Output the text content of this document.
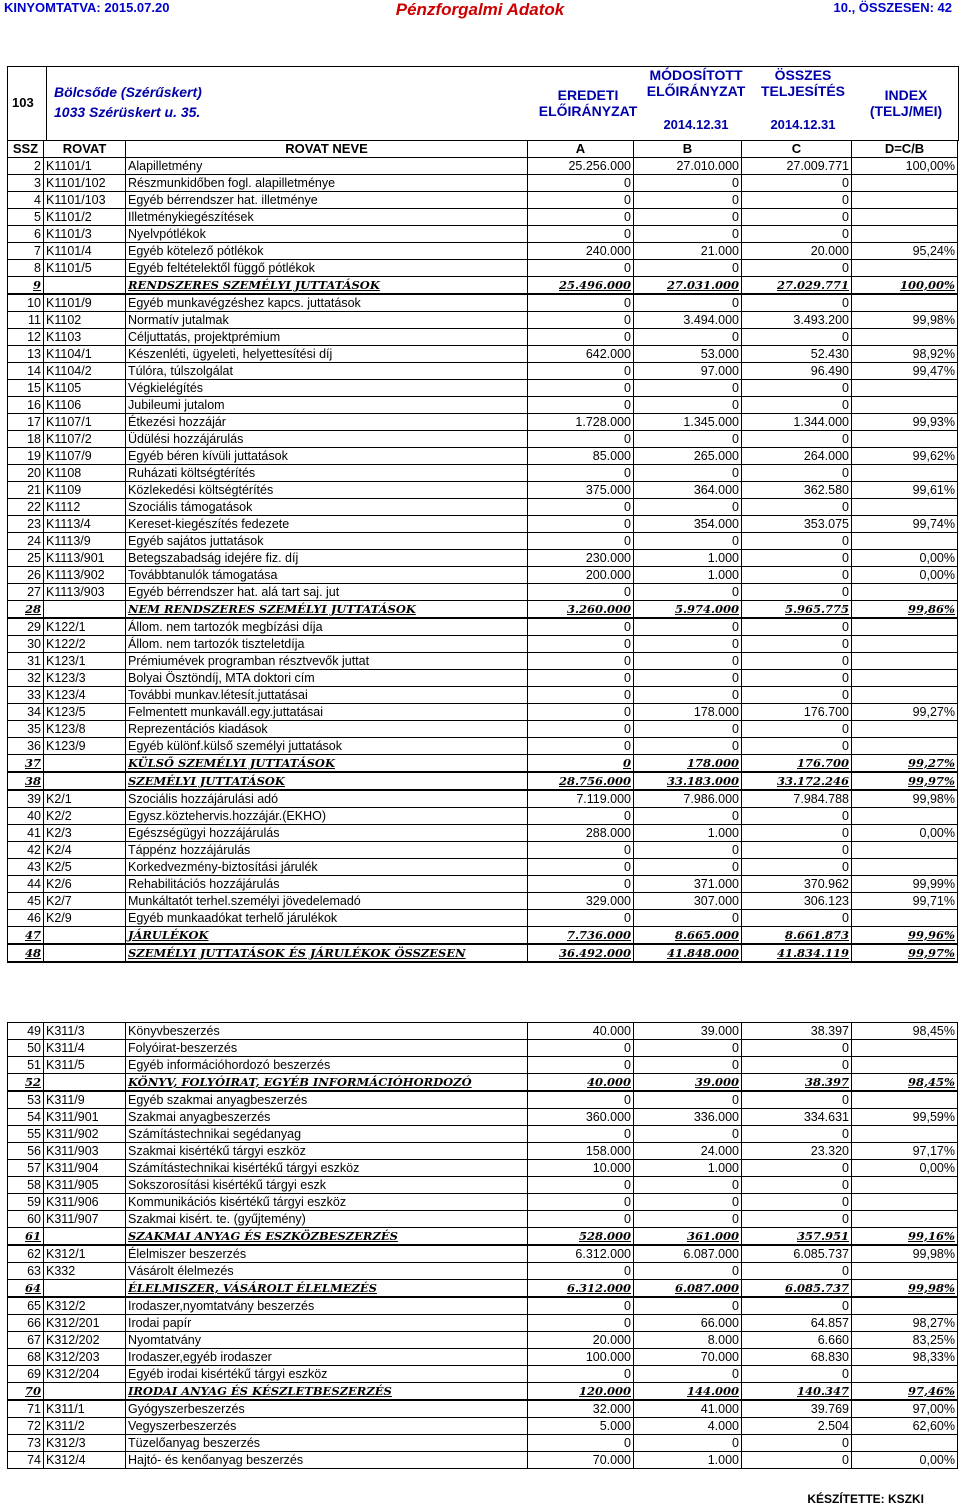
KINYOMTATVA: 2015.07.20	Pénzforgalmi Adatok	10., ÖSSZESEN: 42
103
Bölcsőde (Szérűskert)
1033 Szérüskert u. 35.
EREDETI ELŐIRÁNYZAT
MÓDOSÍTOTT ELŐIRÁNYZAT
2014.12.31
ÖSSZES TELJESÍTÉS
2014.12.31
INDEX (TELJ/MEI)
SSZ	ROVAT	ROVAT NEVE	A	B	C	D=C/B
2	K1101/1	Alapilletmény	25.256.000	27.010.000	27.009.771	100,00%
3	K1101/102	Részmunkidőben fogl. alapilletménye	0	0	0	
4	K1101/103	Egyéb bérrendszer hat. illetménye	0	0	0	
5	K1101/2	Illetménykiegészítések	0	0	0	
6	K1101/3	Nyelvpótlékok	0	0	0	
7	K1101/4	Egyéb kötelező pótlékok	240.000	21.000	20.000	95,24%
8	K1101/5	Egyéb feltételektől függő pótlékok	0	0	0	
9		RENDSZERES SZEMÉLYI JUTTATÁSOK	25.496.000	27.031.000	27.029.771	100,00%
10	K1101/9	Egyéb munkavégzéshez kapcs. juttatások	0	0	0	
11	K1102	Normatív jutalmak	0	3.494.000	3.493.200	99,98%
12	K1103	Céljuttatás, projektprémium	0	0	0	
13	K1104/1	Készenléti, ügyeleti, helyettesítési díj	642.000	53.000	52.430	98,92%
14	K1104/2	Túlóra, túlszolgálat	0	97.000	96.490	99,47%
15	K1105	Végkielégítés	0	0	0	
16	K1106	Jubileumi jutalom	0	0	0	
17	K1107/1	Étkezési hozzájár	1.728.000	1.345.000	1.344.000	99,93%
18	K1107/2	Üdülési hozzájárulás	0	0	0	
19	K1107/9	Egyéb béren kívüli juttatások	85.000	265.000	264.000	99,62%
20	K1108	Ruházati költségtérítés	0	0	0	
21	K1109	Közlekedési költségtérítés	375.000	364.000	362.580	99,61%
22	K1112	Szociális támogatások	0	0	0	
23	K1113/4	Kereset-kiegészítés fedezete	0	354.000	353.075	99,74%
24	K1113/9	Egyéb sajátos juttatások	0	0	0	
25	K1113/901	Betegszabadság idejére fiz. díj	230.000	1.000	0	0,00%
26	K1113/902	Továbbtanulók támogatása	200.000	1.000	0	0,00%
27	K1113/903	Egyéb bérrendszer hat. alá tart saj. jut	0	0	0	
28		NEM RENDSZERES SZEMÉLYI JUTTATÁSOK	3.260.000	5.974.000	5.965.775	99,86%
29	K122/1	Állom. nem tartozók megbízási díja	0	0	0	
30	K122/2	Állom. nem tartozók tiszteletdíja	0	0	0	
31	K123/1	Prémiumévek programban résztvevők juttat	0	0	0	
32	K123/3	Bolyai Ösztöndíj, MTA doktori cím	0	0	0	
33	K123/4	További munkav.létesít.juttatásai	0	0	0	
34	K123/5	Felmentett munkaváll.egy.juttatásai	0	178.000	176.700	99,27%
35	K123/8	Reprezentációs kiadások	0	0	0	
36	K123/9	Egyéb különf.külső személyi juttatások	0	0	0	
37		KÜLSŐ SZEMÉLYI JUTTATÁSOK	0	178.000	176.700	99,27%
38		SZEMÉLYI JUTTATÁSOK	28.756.000	33.183.000	33.172.246	99,97%
39	K2/1	Szociális hozzájárulási adó	7.119.000	7.986.000	7.984.788	99,98%
40	K2/2	Egysz.köztehervis.hozzájár.(EKHO)	0	0	0	
41	K2/3	Egészségügyi hozzájárulás	288.000	1.000	0	0,00%
42	K2/4	Táppénz hozzájárulás	0	0	0	
43	K2/5	Korkedvezmény-biztosítási járulék	0	0	0	
44	K2/6	Rehabilitációs hozzájárulás	0	371.000	370.962	99,99%
45	K2/7	Munkáltatót terhel.személyi jövedelemadó	329.000	307.000	306.123	99,71%
46	K2/9	Egyéb munkaadókat terhelő járulékok	0	0	0	
47		JÁRULÉKOK	7.736.000	8.665.000	8.661.873	99,96%
48		SZEMÉLYI JUTTATÁSOK ÉS JÁRULÉKOK ÖSSZESEN	36.492.000	41.848.000	41.834.119	99,97%
49	K311/3	Könyvbeszerzés	40.000	39.000	38.397	98,45%
50	K311/4	Folyóirat-beszerzés	0	0	0	
51	K311/5	Egyéb információhordozó beszerzés	0	0	0	
52		KÖNYV, FOLYÓIRAT, EGYÉB INFORMÁCIÓHORDOZÓ	40.000	39.000	38.397	98,45%
53	K311/9	Egyéb szakmai anyagbeszerzés	0	0	0	
54	K311/901	Szakmai anyagbeszerzés	360.000	336.000	334.631	99,59%
55	K311/902	Számítástechnikai segédanyag	0	0	0	
56	K311/903	Szakmai kisértékű tárgyi eszköz	158.000	24.000	23.320	97,17%
57	K311/904	Számítástechnikai kisértékű tárgyi eszköz	10.000	1.000	0	0,00%
58	K311/905	Sokszorosítási kisértékű tárgyi eszk	0	0	0	
59	K311/906	Kommunikációs kisértékű tárgyi eszköz	0	0	0	
60	K311/907	Szakmai kisért. te. (gyűjtemény)	0	0	0	
61		SZAKMAI ANYAG ÉS ESZKÖZBESZERZÉS	528.000	361.000	357.951	99,16%
62	K312/1	Élelmiszer beszerzés	6.312.000	6.087.000	6.085.737	99,98%
63	K332	Vásárolt élelmezés	0	0	0	
64		ÉLELMISZER, VÁSÁROLT ÉLELMEZÉS	6.312.000	6.087.000	6.085.737	99,98%
65	K312/2	Irodaszer,nyomtatvány beszerzés	0	0	0	
66	K312/201	Irodai papír	0	66.000	64.857	98,27%
67	K312/202	Nyomtatvány	20.000	8.000	6.660	83,25%
68	K312/203	Irodaszer,egyéb irodaszer	100.000	70.000	68.830	98,33%
69	K312/204	Egyéb irodai kisértékű tárgyi eszköz	0	0	0	
70		IRODAI ANYAG ÉS KÉSZLETBESZERZÉS	120.000	144.000	140.347	97,46%
71	K311/1	Gyógyszerbeszerzés	32.000	41.000	39.769	97,00%
72	K311/2	Vegyszerbeszerzés	5.000	4.000	2.504	62,60%
73	K312/3	Tüzelőanyag beszerzés	0	0	0	
74	K312/4	Hajtó- és kenőanyag beszerzés	70.000	1.000	0	0,00%
KÉSZÍTETTE: KSZKI
